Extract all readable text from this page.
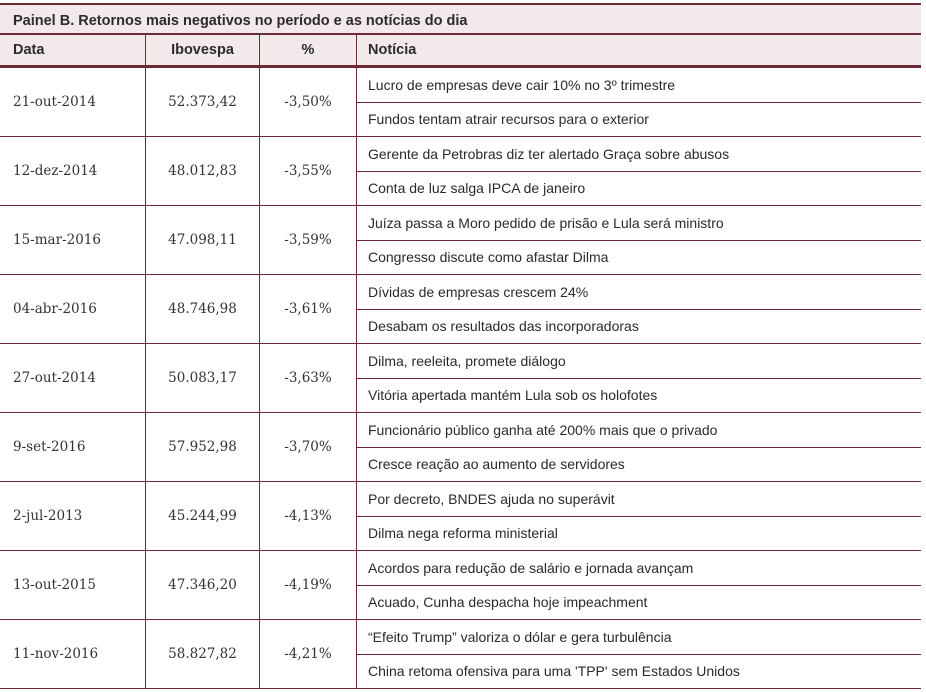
Painel B. Retornos mais negativos no período e as notícias do dia
Data	Ibovespa	%	Notícia
21-out-2014	52.373,42	-3,50%
Lucro de empresas deve cair 10% no 3º trimestre
Fundos tentam atrair recursos para o exterior
12-dez-2014	48.012,83	-3,55%
Gerente da Petrobras diz ter alertado Graça sobre abusos
Conta de luz salga IPCA de janeiro
15-mar-2016	47.098,11	-3,59%
Juíza passa a Moro pedido de prisão e Lula será ministro
Congresso discute como afastar Dilma
04-abr-2016	48.746,98	-3,61%
Dívidas de empresas crescem 24%
Desabam os resultados das incorporadoras
27-out-2014	50.083,17	-3,63%
Dilma, reeleita, promete diálogo
Vitória apertada mantém Lula sob os holofotes
9-set-2016	57.952,98	-3,70%
Funcionário público ganha até 200% mais que o privado
Cresce reação ao aumento de servidores
2-jul-2013	45.244,99	-4,13%
Por decreto, BNDES ajuda no superávit
Dilma nega reforma ministerial
13-out-2015	47.346,20	-4,19%
Acordos para redução de salário e jornada avançam
Acuado, Cunha despacha hoje impeachment
11-nov-2016	58.827,82	-4,21%
“Efeito Trump” valoriza o dólar e gera turbulência
China retoma ofensiva para uma 'TPP' sem Estados Unidos
